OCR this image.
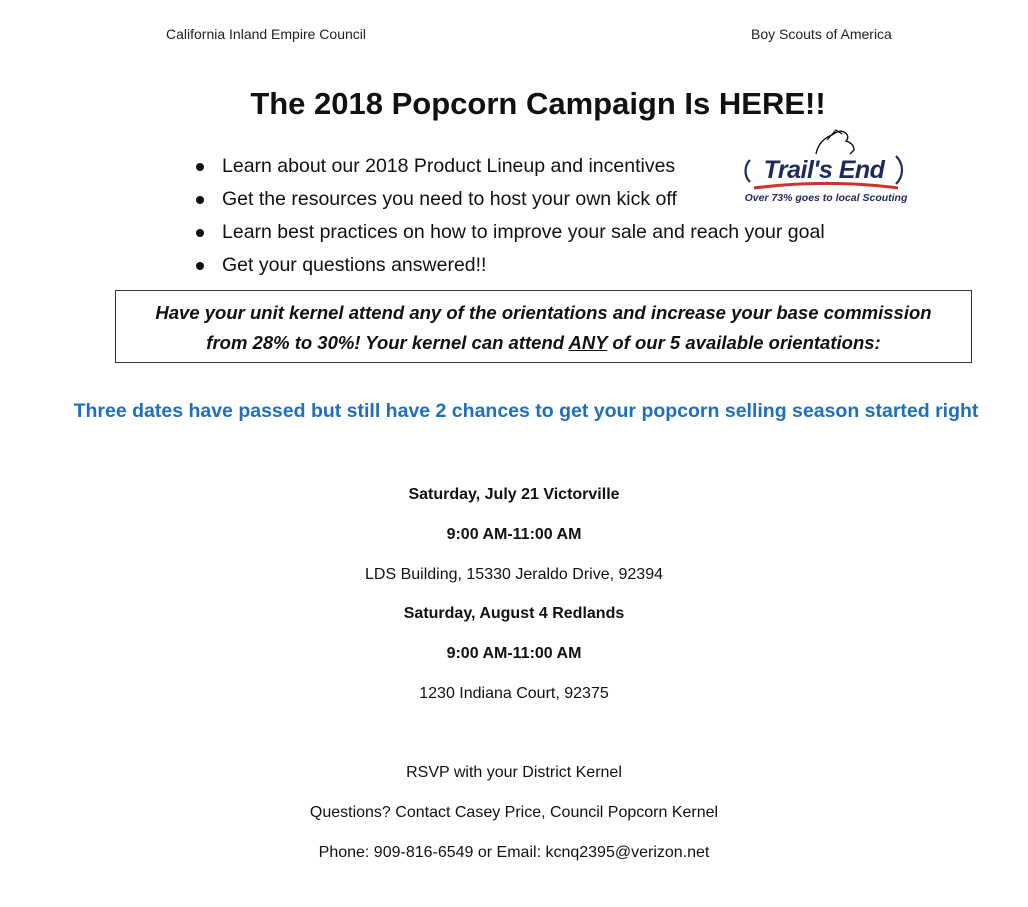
California Inland Empire Council	Boy Scouts of America
The 2018 Popcorn Campaign Is HERE!!
Learn about our 2018 Product Lineup and incentives
Get the resources you need to host your own kick off
Learn best practices on how to improve your sale and reach your goal
Get your questions answered!!
Trail's End
Over 73% goes to local Scouting
Have your unit kernel attend any of the orientations and increase your base commission
from 28% to 30%! Your kernel can attend ANY of our 5 available orientations:
Three dates have passed but still have 2 chances to get your popcorn selling season started right
Saturday, July 21 Victorville
9:00 AM-11:00 AM
LDS Building, 15330 Jeraldo Drive, 92394
Saturday, August 4 Redlands
9:00 AM-11:00 AM
1230 Indiana Court, 92375
RSVP with your District Kernel
Questions? Contact Casey Price, Council Popcorn Kernel
Phone: 909-816-6549 or Email: kcnq2395@verizon.net
